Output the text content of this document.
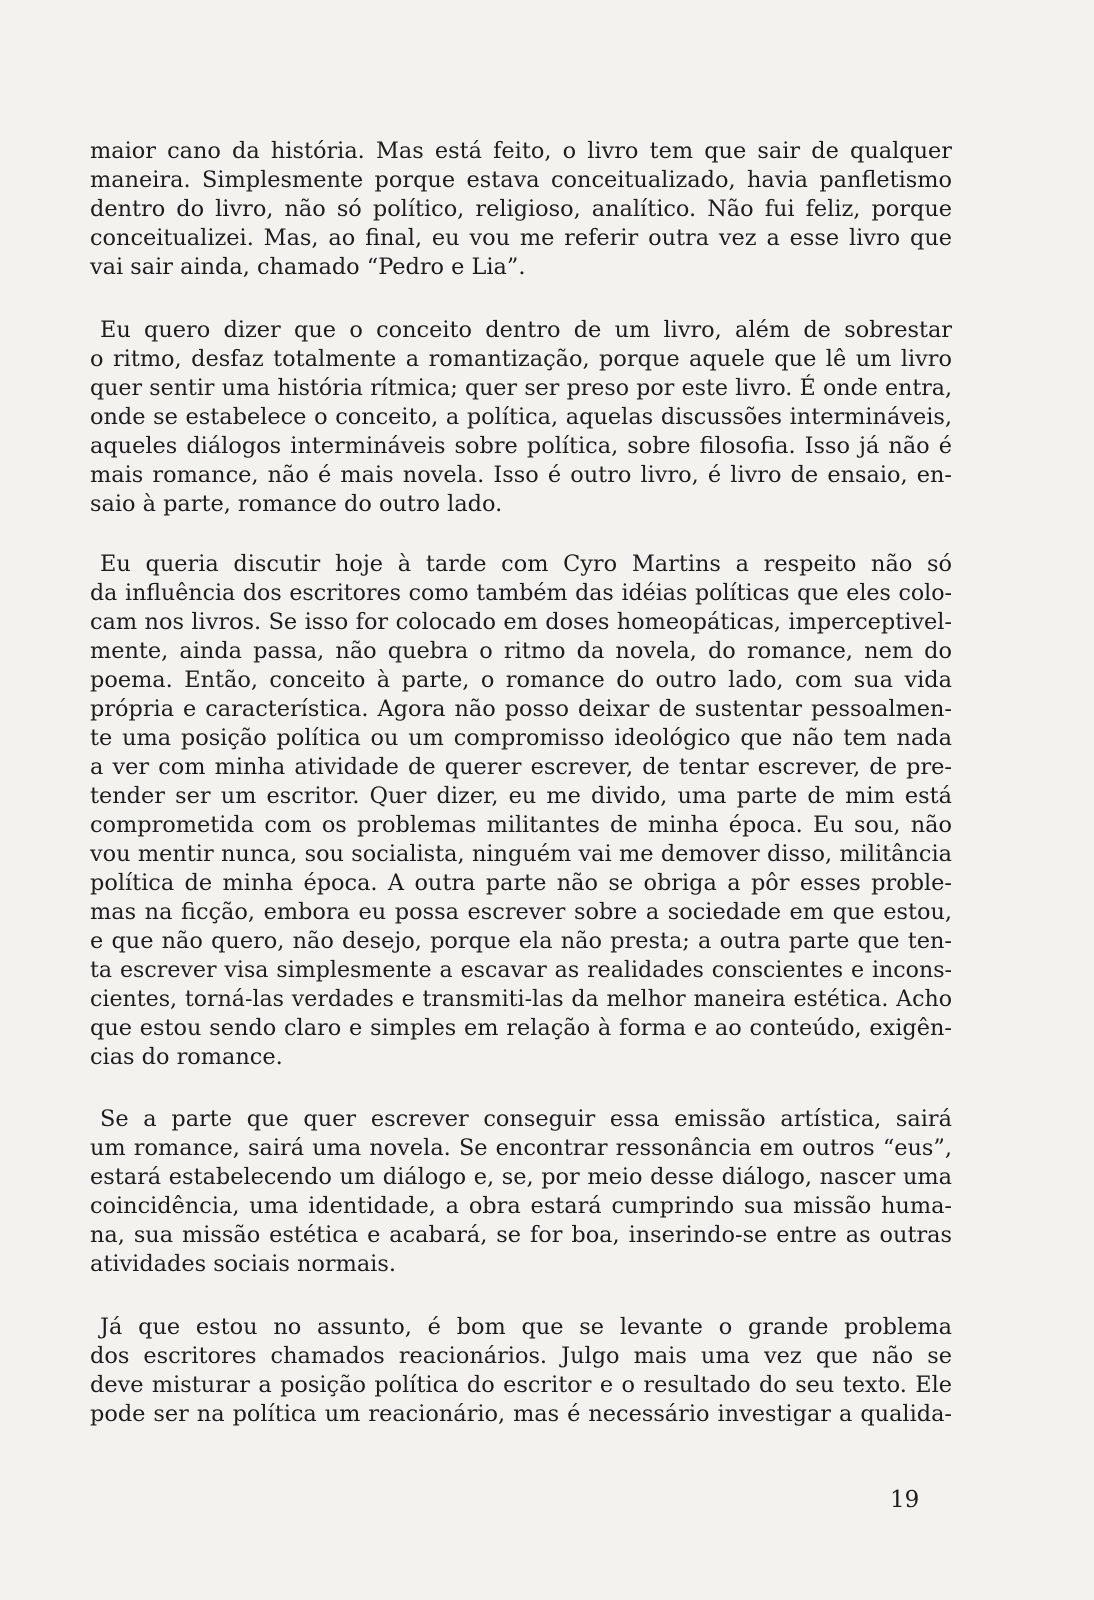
maior cano da história. Mas está feito, o livro tem que sair de qualquer
maneira. Simplesmente porque estava conceitualizado, havia panfletismo
dentro do livro, não só político, religioso, analítico. Não fui feliz, porque
conceitualizei. Mas, ao final, eu vou me referir outra vez a esse livro que
vai sair ainda, chamado “Pedro e Lia”.
Eu quero dizer que o conceito dentro de um livro, além de sobrestar
o ritmo, desfaz totalmente a romantização, porque aquele que lê um livro
quer sentir uma história rítmica; quer ser preso por este livro. É onde entra,
onde se estabelece o conceito, a política, aquelas discussões intermináveis,
aqueles diálogos intermináveis sobre política, sobre filosofia. Isso já não é
mais romance, não é mais novela. Isso é outro livro, é livro de ensaio, en-
saio à parte, romance do outro lado.
Eu queria discutir hoje à tarde com Cyro Martins a respeito não só
da influência dos escritores como também das idéias políticas que eles colo-
cam nos livros. Se isso for colocado em doses homeopáticas, imperceptivel-
mente, ainda passa, não quebra o ritmo da novela, do romance, nem do
poema. Então, conceito à parte, o romance do outro lado, com sua vida
própria e característica. Agora não posso deixar de sustentar pessoalmen-
te uma posição política ou um compromisso ideológico que não tem nada
a ver com minha atividade de querer escrever, de tentar escrever, de pre-
tender ser um escritor. Quer dizer, eu me divido, uma parte de mim está
comprometida com os problemas militantes de minha época. Eu sou, não
vou mentir nunca, sou socialista, ninguém vai me demover disso, militância
política de minha época. A outra parte não se obriga a pôr esses proble-
mas na ficção, embora eu possa escrever sobre a sociedade em que estou,
e que não quero, não desejo, porque ela não presta; a outra parte que ten-
ta escrever visa simplesmente a escavar as realidades conscientes e incons-
cientes, torná-las verdades e transmiti-las da melhor maneira estética. Acho
que estou sendo claro e simples em relação à forma e ao conteúdo, exigên-
cias do romance.
Se a parte que quer escrever conseguir essa emissão artística, sairá
um romance, sairá uma novela. Se encontrar ressonância em outros “eus”,
estará estabelecendo um diálogo e, se, por meio desse diálogo, nascer uma
coincidência, uma identidade, a obra estará cumprindo sua missão huma-
na, sua missão estética e acabará, se for boa, inserindo-se entre as outras
atividades sociais normais.
Já que estou no assunto, é bom que se levante o grande problema
dos escritores chamados reacionários. Julgo mais uma vez que não se
deve misturar a posição política do escritor e o resultado do seu texto. Ele
pode ser na política um reacionário, mas é necessário investigar a qualida-
19
